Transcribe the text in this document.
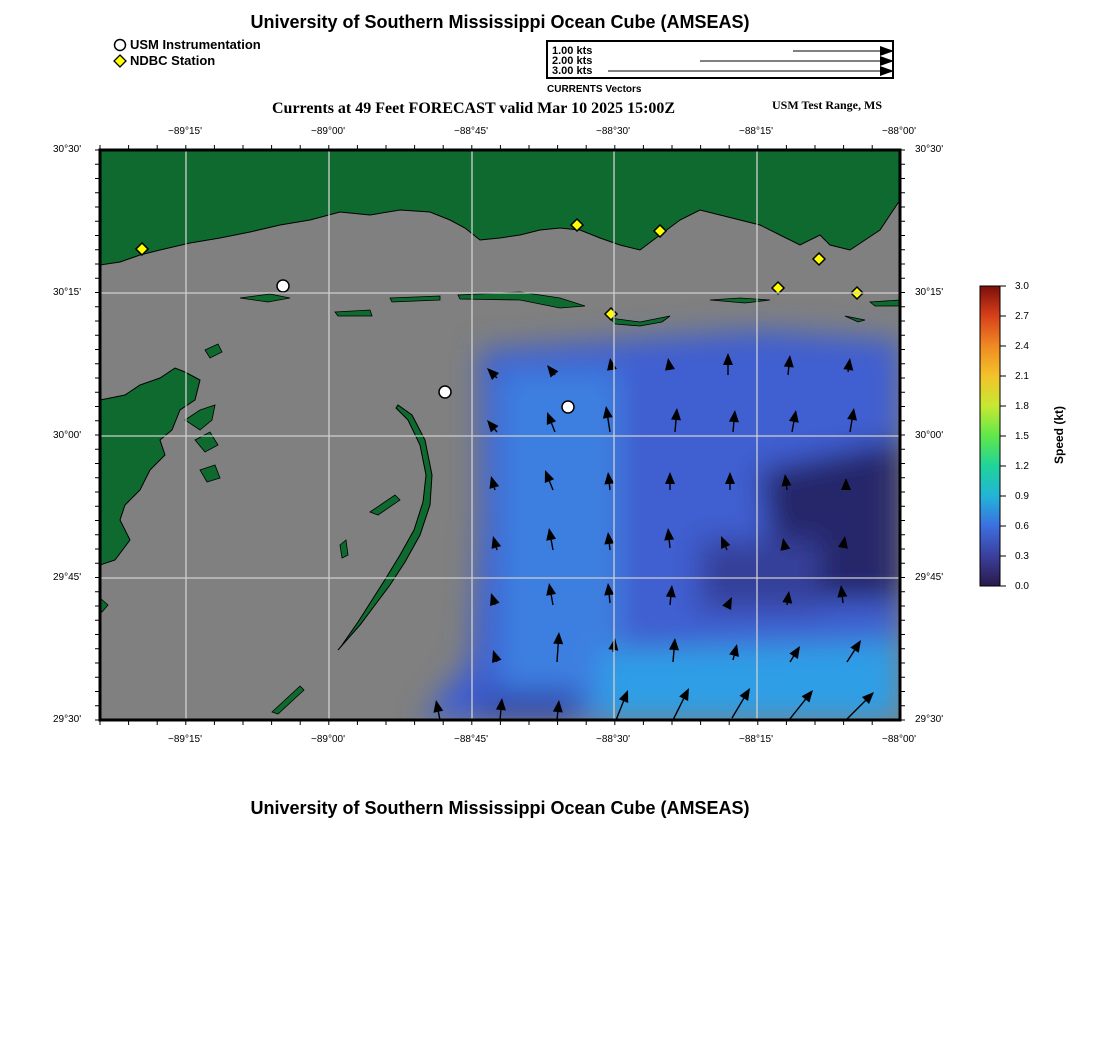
University of Southern Mississippi Ocean Cube (AMSEAS)
USM Instrumentation
NDBC Station
1.00 kts
2.00 kts
3.00 kts
CURRENTS Vectors
Currents at 49 Feet FORECAST valid Mar 10 2025 15:00Z	USM Test Range, MS
−89°15'	−89°00'	−88°45'	−88°30'	−88°15'	−88°00'
−89°15'	−89°00'	−88°45'	−88°30'	−88°15'	−88°00'
30°30'
30°15'
30°00'
29°45'
29°30'
30°30'
30°15'
30°00'
29°45'
29°30'
3.0
2.7
2.4
2.1
1.8
1.5
1.2
0.9
0.6
0.3
0.0
Speed (kt)
University of Southern Mississippi Ocean Cube (AMSEAS)
